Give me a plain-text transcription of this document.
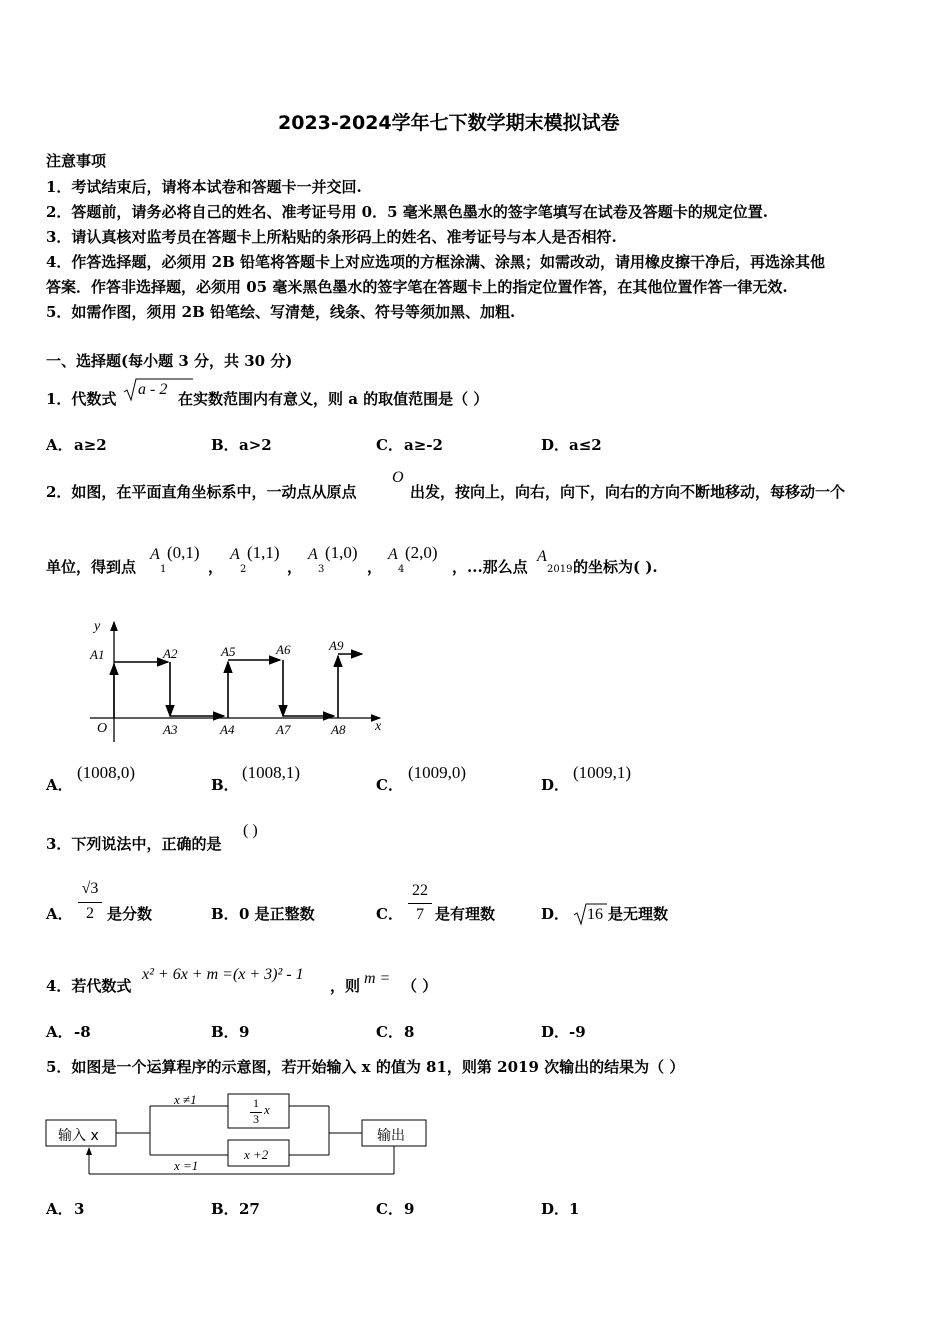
2023-2024学年七下数学期末模拟试卷
注意事项
1．考试结束后，请将本试卷和答题卡一并交回.
2．答题前，请务必将自己的姓名、准考证号用 0．5 毫米黑色墨水的签字笔填写在试卷及答题卡的规定位置.
3．请认真核对监考员在答题卡上所粘贴的条形码上的姓名、准考证号与本人是否相符.
4．作答选择题，必须用 2B 铅笔将答题卡上对应选项的方框涂满、涂黑；如需改动，请用橡皮擦干净后，再选涂其他
答案．作答非选择题，必须用 05 毫米黑色墨水的签字笔在答题卡上的指定位置作答，在其他位置作答一律无效.
5．如需作图，须用 2B 铅笔绘、写清楚，线条、符号等须加黑、加粗.
一、选择题(每小题 3 分，共 30 分)
1．代数式
a - 2
在实数范围内有意义，则 a 的取值范围是（ ）
A． a≥2	B． a>2	C． a≥-2	D． a≤2
2．如图，在平面直角坐标系中，一动点从原点
O
出发，按向上，向右，向下，向右的方向不断地移动，每移动一个
单位，得到点
A
1
(0,1)
，
A
2
(1,1)
，
A
3
(1,0)
，
A
4
(2,0)
，...那么点
A
2019 的坐标为( ).
y
x
O
A1	A2
A3	A4
A5	A6
A7	A8
A9
A．
(1008,0)
B．
(1008,1)
C．
(1009,0)
D．
(1009,1)
3．下列说法中，正确的是
( )
A．
√3
2 是分数	B． 0 是正整数	C．
22
7 是有理数	D． 16 是无理数
4．若代数式
x² + 6x + m =(x + 3)² - 1
，则 m = （ ）
A． -8	B． 9	C． 8	D． -9
5．如图是一个运算程序的示意图，若开始输入 x 的值为 81，则第 2019 次输出的结果为（ ）
输入 x	输出
x ≠1
x =1
1
3
x
x +2
A． 3	B． 27	C． 9	D． 1
